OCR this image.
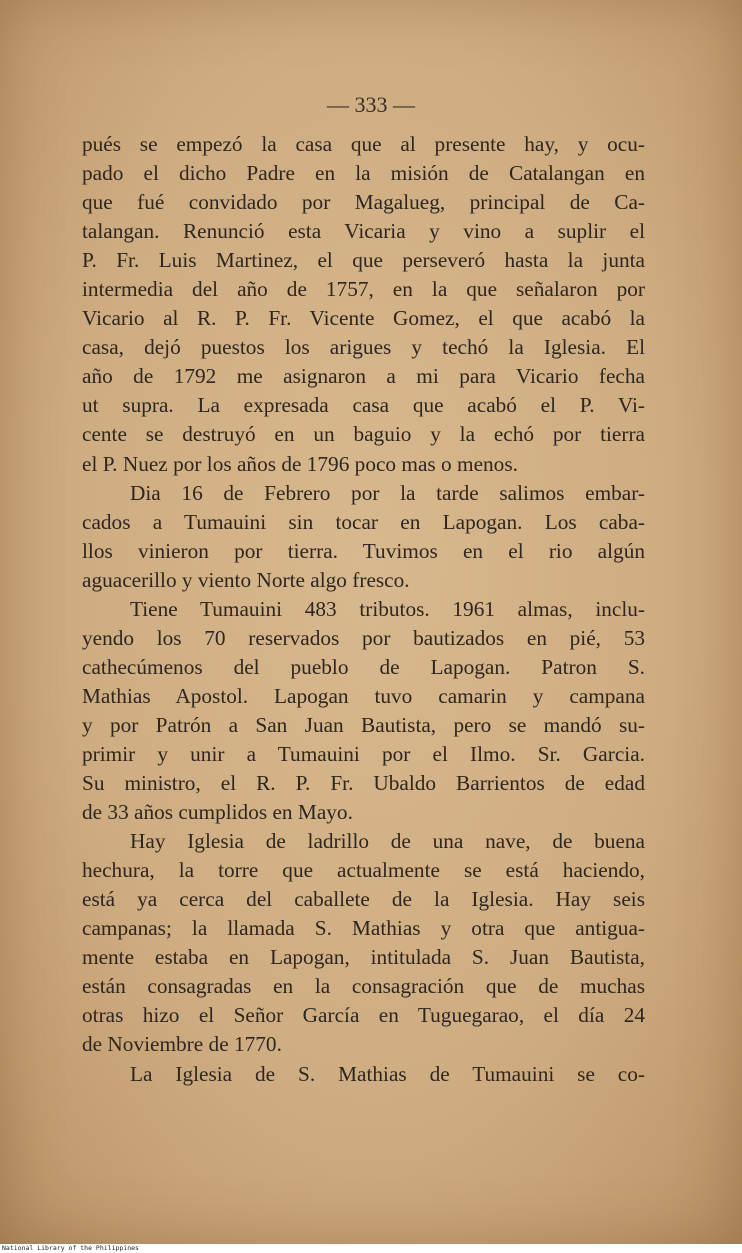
— 333 —
pués se empezó la casa que al presente hay, y ocu-
pado el dicho Padre en la misión de Catalangan en
que fué convidado por Magalueg, principal de Ca-
talangan. Renunció esta Vicaria y vino a suplir el
P. Fr. Luis Martinez, el que perseveró hasta la junta
intermedia del año de 1757, en la que señalaron por
Vicario al R. P. Fr. Vicente Gomez, el que acabó la
casa, dejó puestos los arigues y techó la Iglesia. El
año de 1792 me asignaron a mi para Vicario fecha
ut supra. La expresada casa que acabó el P. Vi-
cente se destruyó en un baguio y la echó por tierra
el P. Nuez por los años de 1796 poco mas o menos.
Dia 16 de Febrero por la tarde salimos embar-
cados a Tumauini sin tocar en Lapogan. Los caba-
llos vinieron por tierra. Tuvimos en el rio algún
aguacerillo y viento Norte algo fresco.
Tiene Tumauini 483 tributos. 1961 almas, inclu-
yendo los 70 reservados por bautizados en pié, 53
cathecúmenos del pueblo de Lapogan. Patron S.
Mathias Apostol. Lapogan tuvo camarin y campana
y por Patrón a San Juan Bautista, pero se mandó su-
primir y unir a Tumauini por el Ilmo. Sr. Garcia.
Su ministro, el R. P. Fr. Ubaldo Barrientos de edad
de 33 años cumplidos en Mayo.
Hay Iglesia de ladrillo de una nave, de buena
hechura, la torre que actualmente se está haciendo,
está ya cerca del caballete de la Iglesia. Hay seis
campanas; la llamada S. Mathias y otra que antigua-
mente estaba en Lapogan, intitulada S. Juan Bautista,
están consagradas en la consagración que de muchas
otras hizo el Señor García en Tuguegarao, el día 24
de Noviembre de 1770.
La Iglesia de S. Mathias de Tumauini se co-
National Library of the Philippines
